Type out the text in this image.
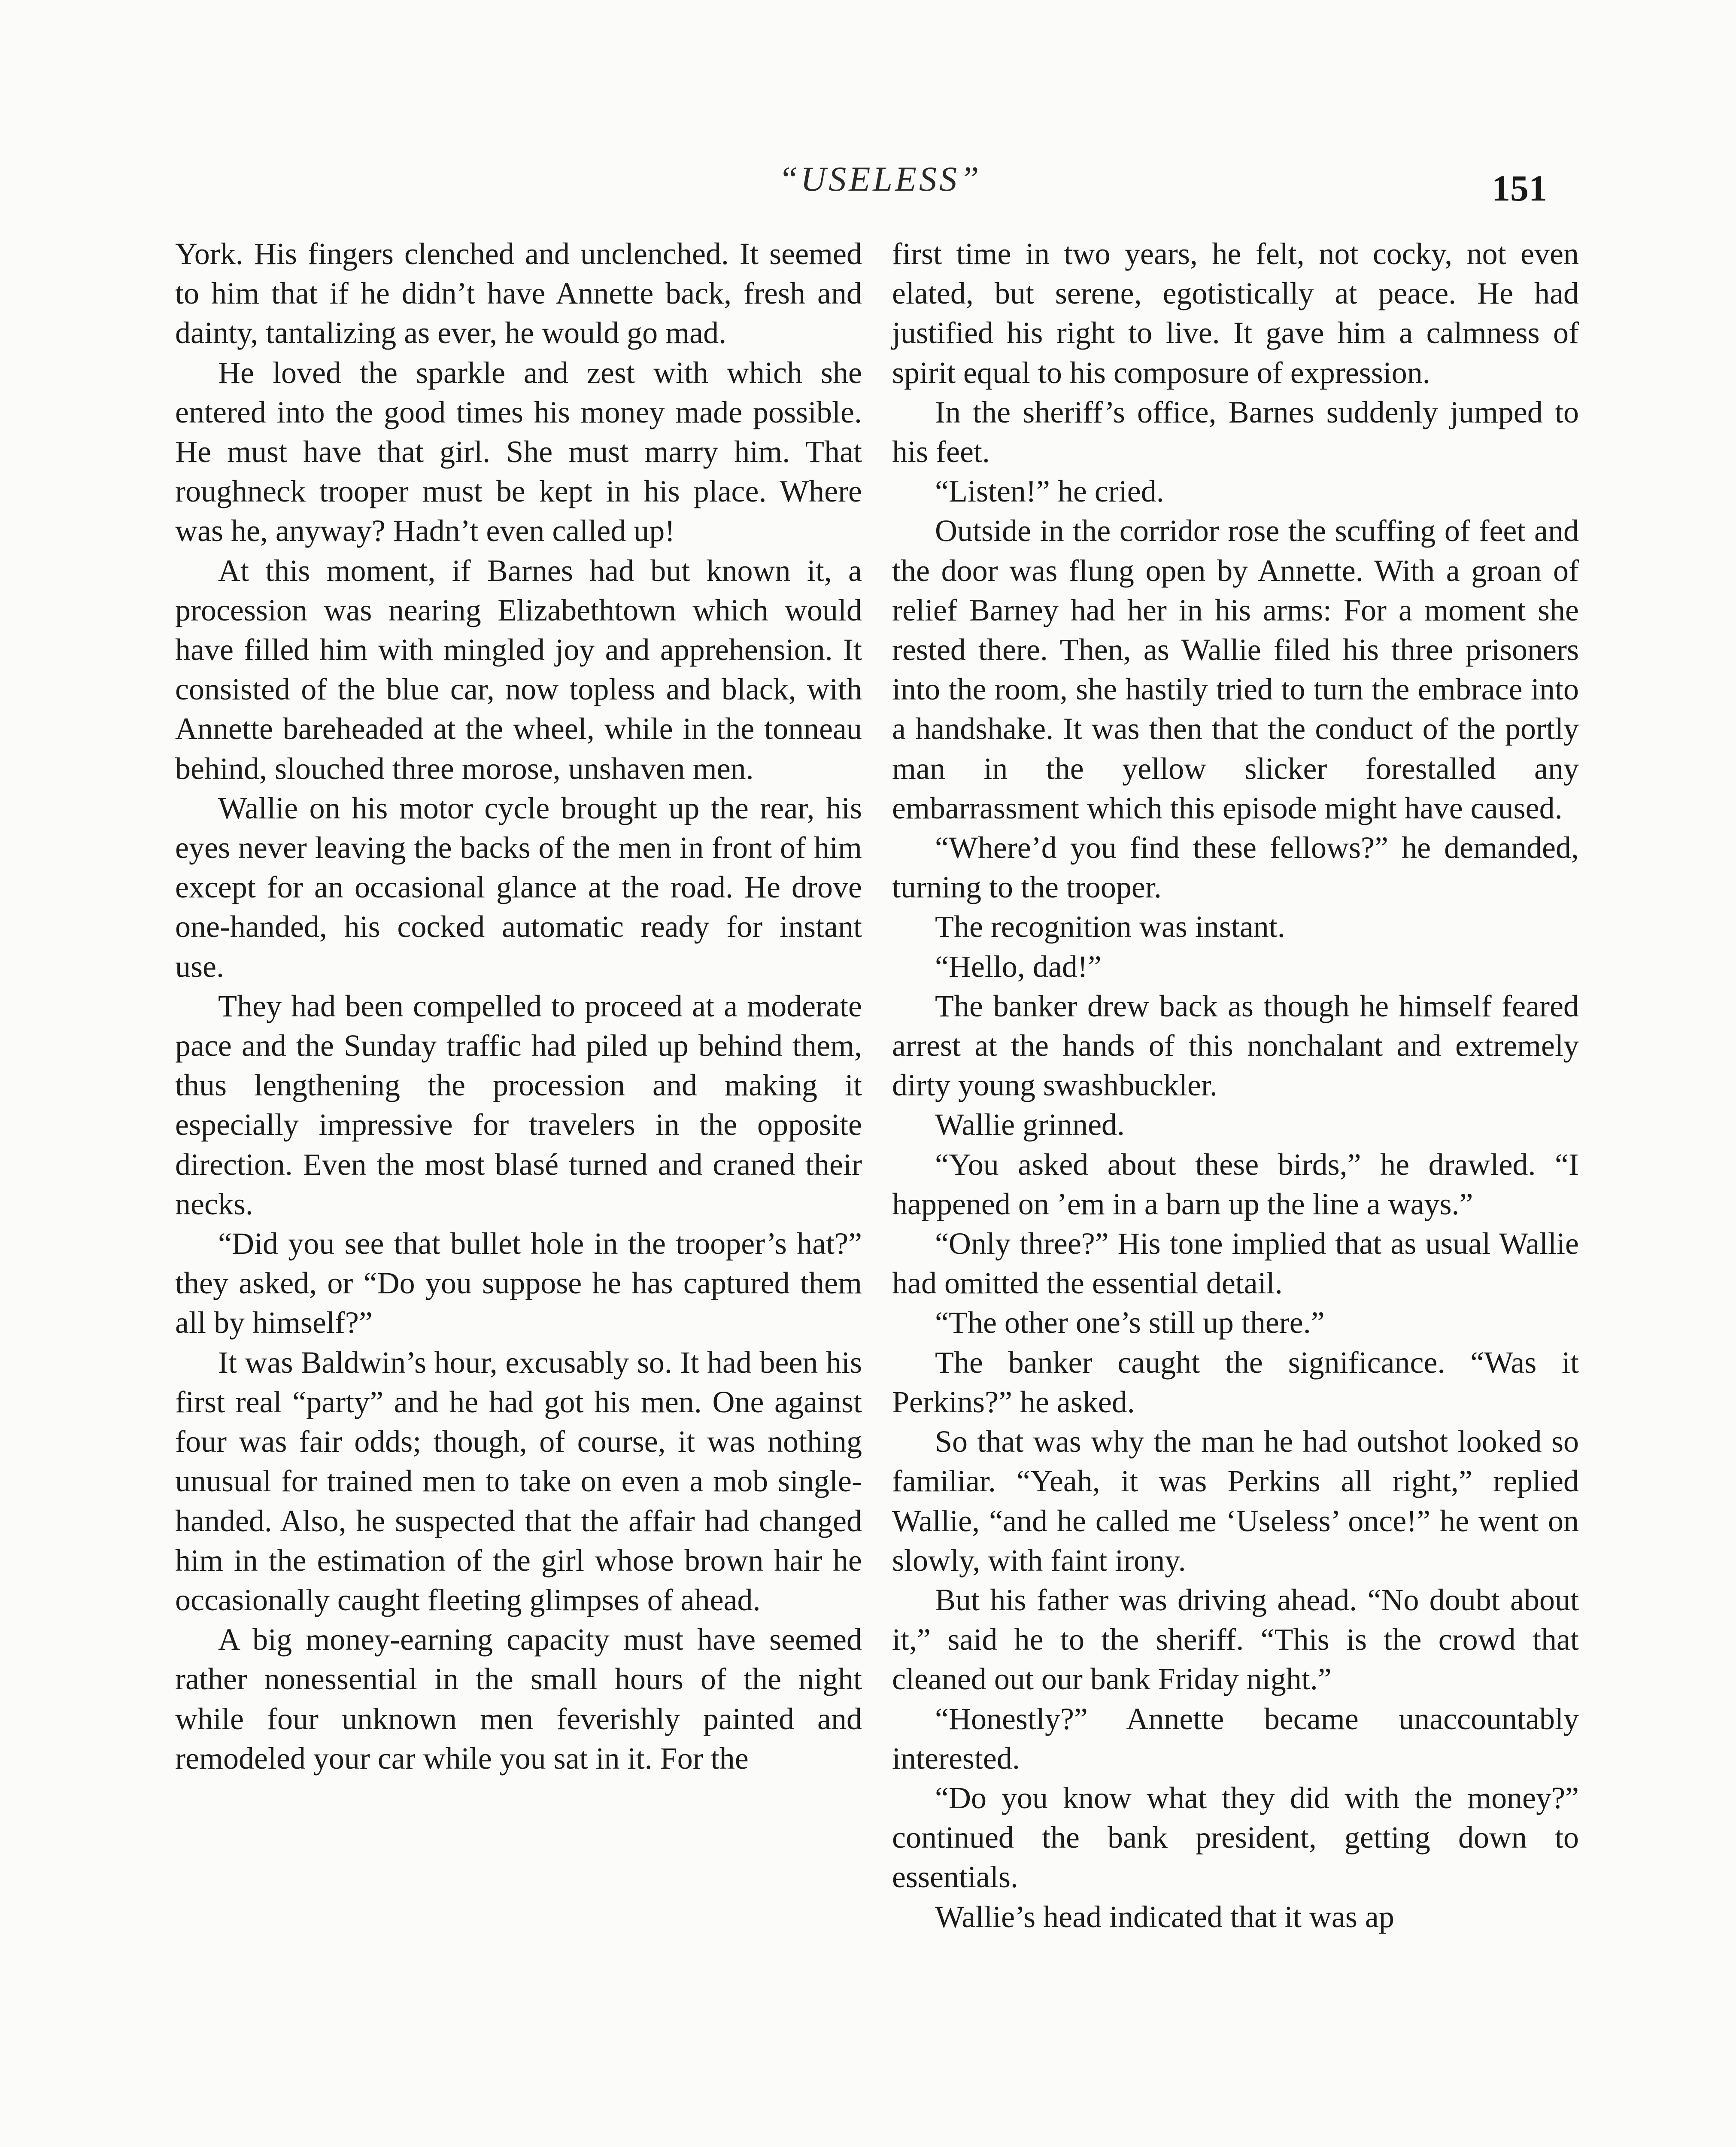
“USELESS”	151

York. His fingers clenched and unclenched. It seemed to him that if he didn’t have Annette back, fresh and dainty, tantalizing as ever, he would go mad.

He loved the sparkle and zest with which she entered into the good times his money made possible. He must have that girl. She must marry him. That roughneck trooper must be kept in his place. Where was he, anyway? Hadn’t even called up!

At this moment, if Barnes had but known it, a procession was nearing Elizabethtown which would have filled him with mingled joy and apprehension. It consisted of the blue car, now topless and black, with Annette bareheaded at the wheel, while in the tonneau behind, slouched three morose, unshaven men.

Wallie on his motor cycle brought up the rear, his eyes never leaving the backs of the men in front of him except for an occasional glance at the road. He drove one-handed, his cocked automatic ready for instant use.

They had been compelled to proceed at a moderate pace and the Sunday traffic had piled up behind them, thus lengthening the procession and making it especially impressive for travelers in the opposite direction. Even the most blasé turned and craned their necks.

“Did you see that bullet hole in the trooper’s hat?” they asked, or “Do you suppose he has captured them all by himself?”

It was Baldwin’s hour, excusably so. It had been his first real “party” and he had got his men. One against four was fair odds; though, of course, it was nothing unusual for trained men to take on even a mob single-handed. Also, he suspected that the affair had changed him in the estimation of the girl whose brown hair he occasionally caught fleeting glimpses of ahead.

A big money-earning capacity must have seemed rather nonessential in the small hours of the night while four unknown men feverishly painted and remodeled your car while you sat in it. For the

first time in two years, he felt, not cocky, not even elated, but serene, egotistically at peace. He had justified his right to live. It gave him a calmness of spirit equal to his composure of expression.

In the sheriff’s office, Barnes suddenly jumped to his feet.

“Listen!” he cried.

Outside in the corridor rose the scuffing of feet and the door was flung open by Annette. With a groan of relief Barney had her in his arms: For a moment she rested there. Then, as Wallie filed his three prisoners into the room, she hastily tried to turn the embrace into a handshake. It was then that the conduct of the portly man in the yellow slicker forestalled any embarrassment which this episode might have caused.

“Where’d you find these fellows?” he demanded, turning to the trooper.

The recognition was instant.

“Hello, dad!”

The banker drew back as though he himself feared arrest at the hands of this nonchalant and extremely dirty young swashbuckler.

Wallie grinned.

“You asked about these birds,” he drawled. “I happened on ’em in a barn up the line a ways.”

“Only three?” His tone implied that as usual Wallie had omitted the essential detail.

“The other one’s still up there.”

The banker caught the significance. “Was it Perkins?” he asked.

So that was why the man he had outshot looked so familiar. “Yeah, it was Perkins all right,” replied Wallie, “and he called me ‘Useless’ once!” he went on slowly, with faint irony.

But his father was driving ahead. “No doubt about it,” said he to the sheriff. “This is the crowd that cleaned out our bank Friday night.”

“Honestly?” Annette became unaccountably interested.

“Do you know what they did with the money?” continued the bank president, getting down to essentials.

Wallie’s head indicated that it was ap
